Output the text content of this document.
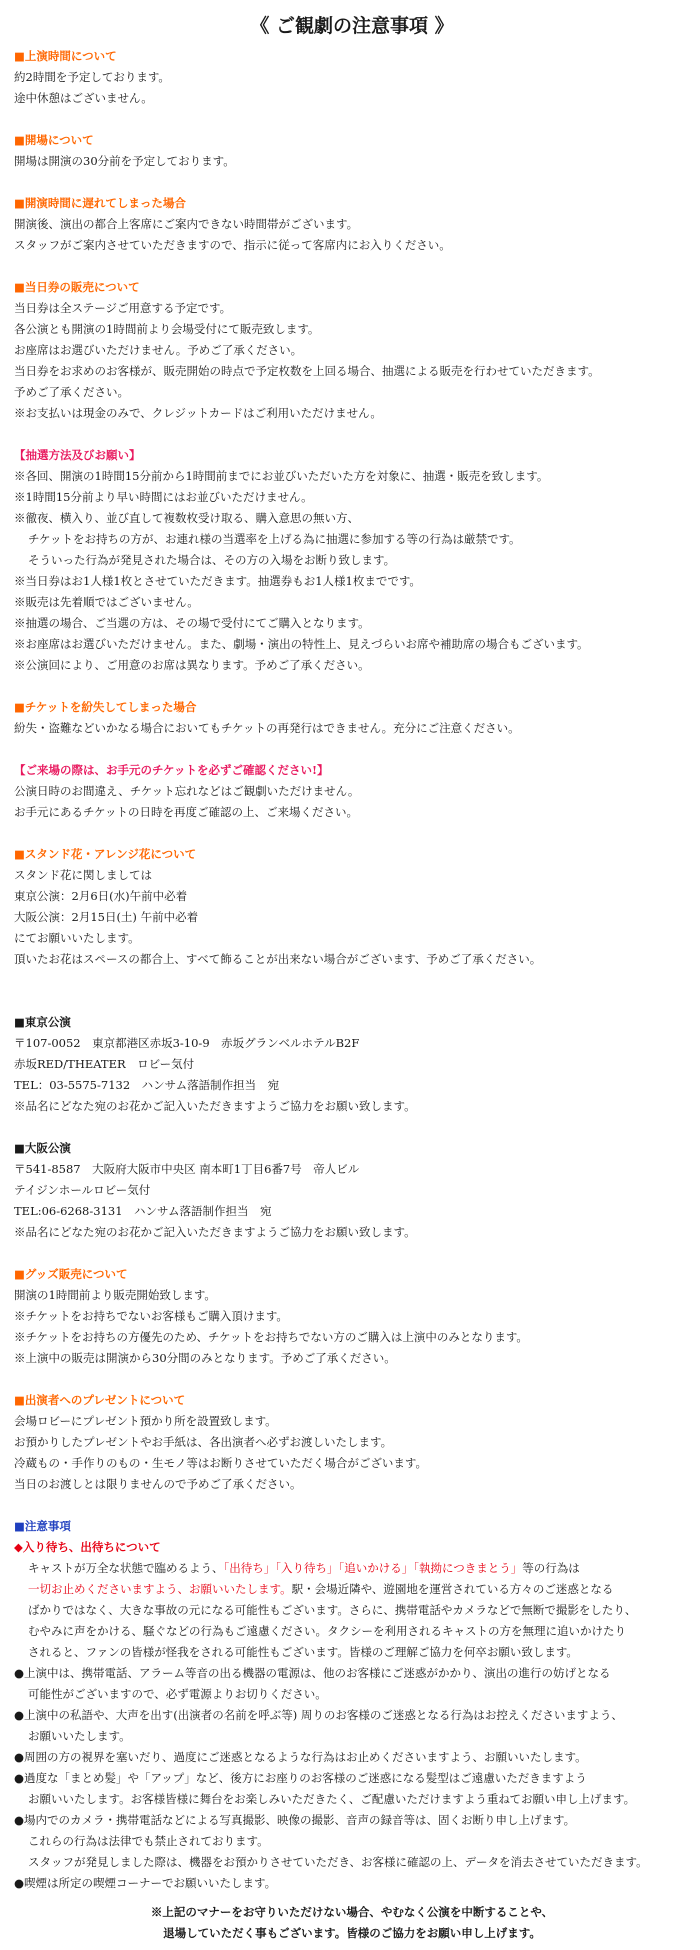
《 ご観劇の注意事項 》
■上演時間について
約2時間を予定しております。
途中休憩はございません。
■開場について
開場は開演の30分前を予定しております。
■開演時間に遅れてしまった場合
開演後、演出の都合上客席にご案内できない時間帯がございます。
スタッフがご案内させていただきますので、指示に従って客席内にお入りください。
■当日券の販売について
当日券は全ステージご用意する予定です。
各公演とも開演の1時間前より会場受付にて販売致します。
お座席はお選びいただけません。予めご了承ください。
当日券をお求めのお客様が、販売開始の時点で予定枚数を上回る場合、抽選による販売を行わせていただきます。
予めご了承ください。
※お支払いは現金のみで、クレジットカードはご利用いただけません。
【抽選方法及びお願い】
※各回、開演の1時間15分前から1時間前までにお並びいただいた方を対象に、抽選・販売を致します。
※1時間15分前より早い時間にはお並びいただけません。
※徹夜、横入り、並び直して複数枚受け取る、購入意思の無い方、
チケットをお持ちの方が、お連れ様の当選率を上げる為に抽選に参加する等の行為は厳禁です。
そういった行為が発見された場合は、その方の入場をお断り致します。
※当日券はお1人様1枚とさせていただきます。抽選券もお1人様1枚までです。
※販売は先着順ではございません。
※抽選の場合、ご当選の方は、その場で受付にてご購入となります。
※お座席はお選びいただけません。また、劇場・演出の特性上、見えづらいお席や補助席の場合もございます。
※公演回により、ご用意のお席は異なります。予めご了承ください。
■チケットを紛失してしまった場合
紛失・盗難などいかなる場合においてもチケットの再発行はできません。充分にご注意ください。
【ご来場の際は、お手元のチケットを必ずご確認ください!】
公演日時のお間違え、チケット忘れなどはご観劇いただけません。
お手元にあるチケットの日時を再度ご確認の上、ご来場ください。
■スタンド花・アレンジ花について
スタンド花に関しましては
東京公演：2月6日(水)午前中必着
大阪公演：2月15日(土) 午前中必着
にてお願いいたします。
頂いたお花はスペースの都合上、すべて飾ることが出来ない場合がございます、予めご了承ください。
■東京公演
〒107-0052　東京都港区赤坂3-10-9　赤坂グランベルホテルB2F
赤坂RED/THEATER　ロビー気付
TEL：03-5575-7132　ハンサム落語制作担当　宛
※品名にどなた宛のお花かご記入いただきますようご協力をお願い致します。
■大阪公演
〒541-8587　大阪府大阪市中央区 南本町1丁目6番7号　帝人ビル
テイジンホールロビー気付
TEL:06-6268-3131　ハンサム落語制作担当　宛
※品名にどなた宛のお花かご記入いただきますようご協力をお願い致します。
■グッズ販売について
開演の1時間前より販売開始致します。
※チケットをお持ちでないお客様もご購入頂けます。
※チケットをお持ちの方優先のため、チケットをお持ちでない方のご購入は上演中のみとなります。
※上演中の販売は開演から30分間のみとなります。予めご了承ください。
■出演者へのプレゼントについて
会場ロビーにプレゼント預かり所を設置致します。
お預かりしたプレゼントやお手紙は、各出演者へ必ずお渡しいたします。
冷蔵もの・手作りのもの・生モノ等はお断りさせていただく場合がございます。
当日のお渡しとは限りませんので予めご了承ください。
■注意事項
◆入り待ち、出待ちについて
キャストが万全な状態で臨めるよう、「出待ち」「入り待ち」「追いかける」「執拗につきまとう」等の行為は
一切お止めくださいますよう、お願いいたします。駅・会場近隣や、遊園地を運営されている方々のご迷惑となる
ばかりではなく、大きな事故の元になる可能性もございます。さらに、携帯電話やカメラなどで無断で撮影をしたり、
むやみに声をかける、騒ぐなどの行為もご遠慮ください。タクシーを利用されるキャストの方を無理に追いかけたり
されると、ファンの皆様が怪我をされる可能性もございます。皆様のご理解ご協力を何卒お願い致します。
●上演中は、携帯電話、アラーム等音の出る機器の電源は、他のお客様にご迷惑がかかり、演出の進行の妨げとなる
可能性がございますので、必ず電源よりお切りください。
●上演中の私語や、大声を出す(出演者の名前を呼ぶ等) 周りのお客様のご迷惑となる行為はお控えくださいますよう、
お願いいたします。
●周囲の方の視界を塞いだり、過度にご迷惑となるような行為はお止めくださいますよう、お願いいたします。
●過度な「まとめ髪」や「アップ」など、後方にお座りのお客様のご迷惑になる髪型はご遠慮いただきますよう
お願いいたします。お客様皆様に舞台をお楽しみいただきたく、ご配慮いただけますよう重ねてお願い申し上げます。
●場内でのカメラ・携帯電話などによる写真撮影、映像の撮影、音声の録音等は、固くお断り申し上げます。
これらの行為は法律でも禁止されております。
スタッフが発見しました際は、機器をお預かりさせていただき、お客様に確認の上、データを消去させていただきます。
●喫煙は所定の喫煙コーナーでお願いいたします。
※上記のマナーをお守りいただけない場合、やむなく公演を中断することや、
退場していただく事もございます。皆様のご協力をお願い申し上げます。
